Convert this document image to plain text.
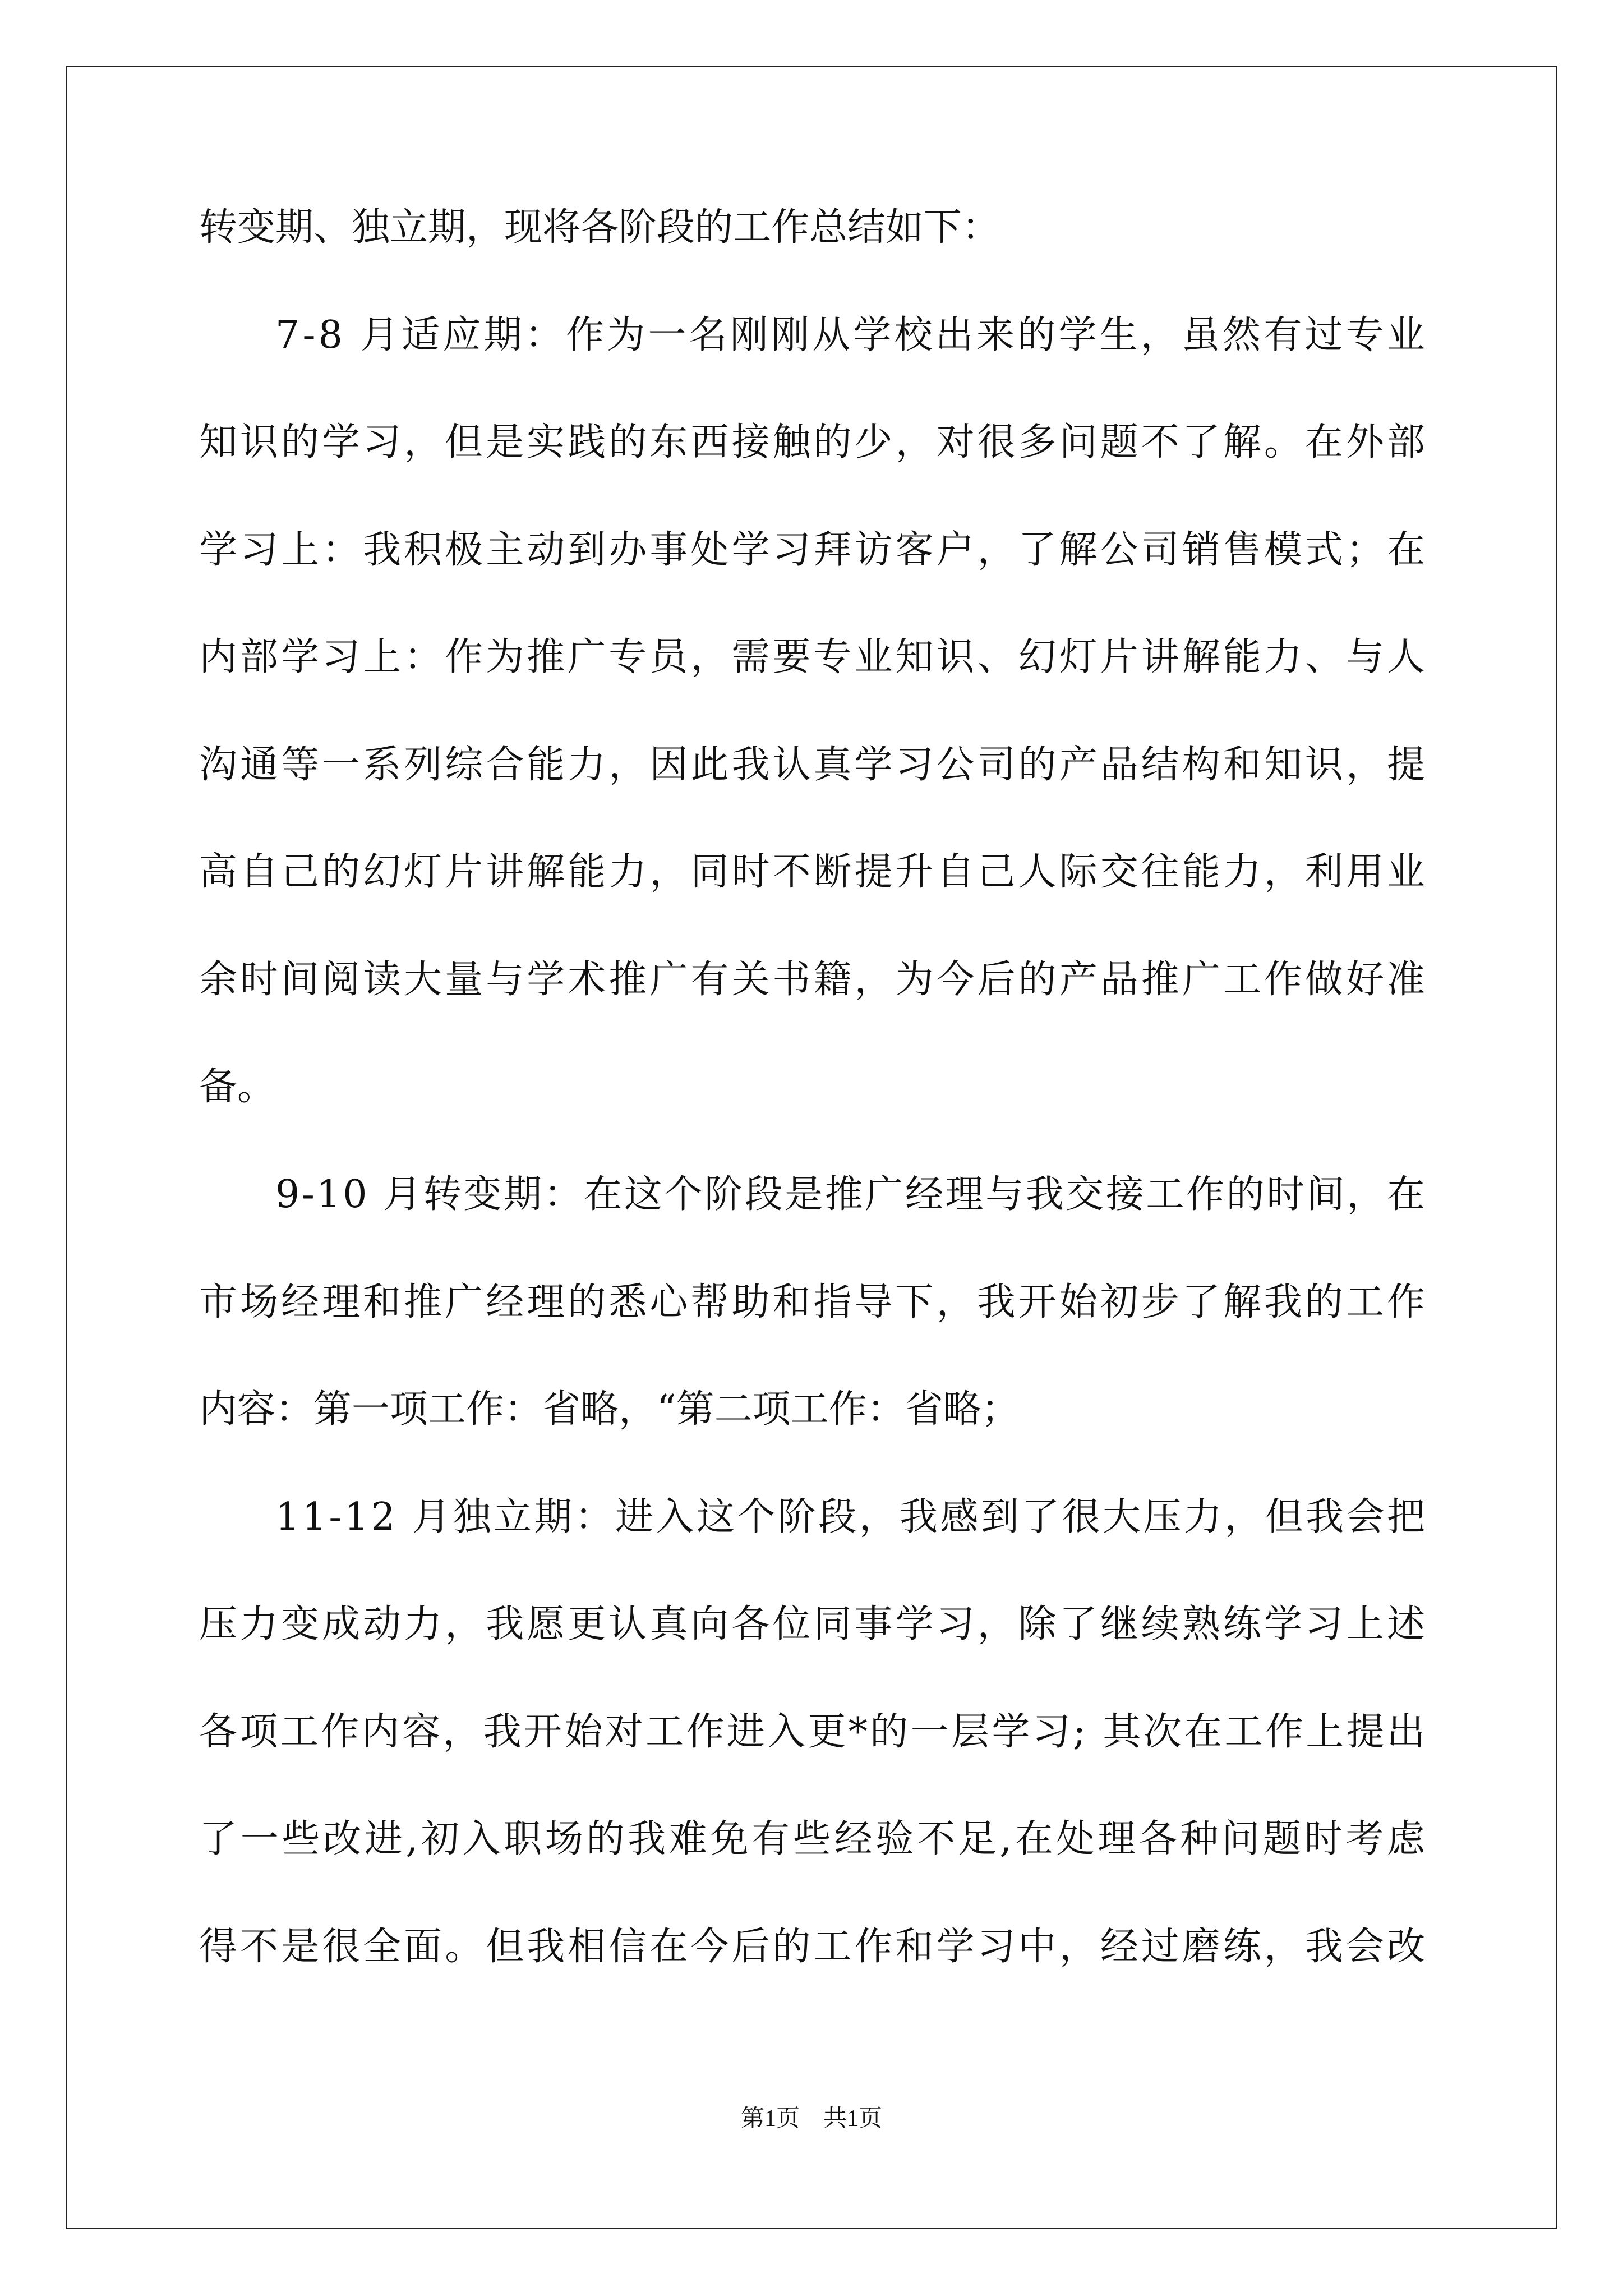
转变期、独立期，现将各阶段的工作总结如下：
7-8 月适应期：作为一名刚刚从学校出来的学生，虽然有过专业
知识的学习，但是实践的东西接触的少，对很多问题不了解。在外部
学习上：我积极主动到办事处学习拜访客户，了解公司销售模式；在
内部学习上：作为推广专员，需要专业知识、幻灯片讲解能力、与人
沟通等一系列综合能力，因此我认真学习公司的产品结构和知识，提
高自己的幻灯片讲解能力，同时不断提升自己人际交往能力，利用业
余时间阅读大量与学术推广有关书籍，为今后的产品推广工作做好准
备。
9-10 月转变期：在这个阶段是推广经理与我交接工作的时间，在
市场经理和推广经理的悉心帮助和指导下，我开始初步了解我的工作
内容：第一项工作：省略，“第二项工作：省略；
11-12 月独立期：进入这个阶段，我感到了很大压力，但我会把
压力变成动力，我愿更认真向各位同事学习，除了继续熟练学习上述
各项工作内容，我开始对工作进入更*的一层学习; 其次在工作上提出
了一些改进,初入职场的我难免有些经验不足,在处理各种问题时考虑
得不是很全面。但我相信在今后的工作和学习中，经过磨练，我会改
第1页　共1页
